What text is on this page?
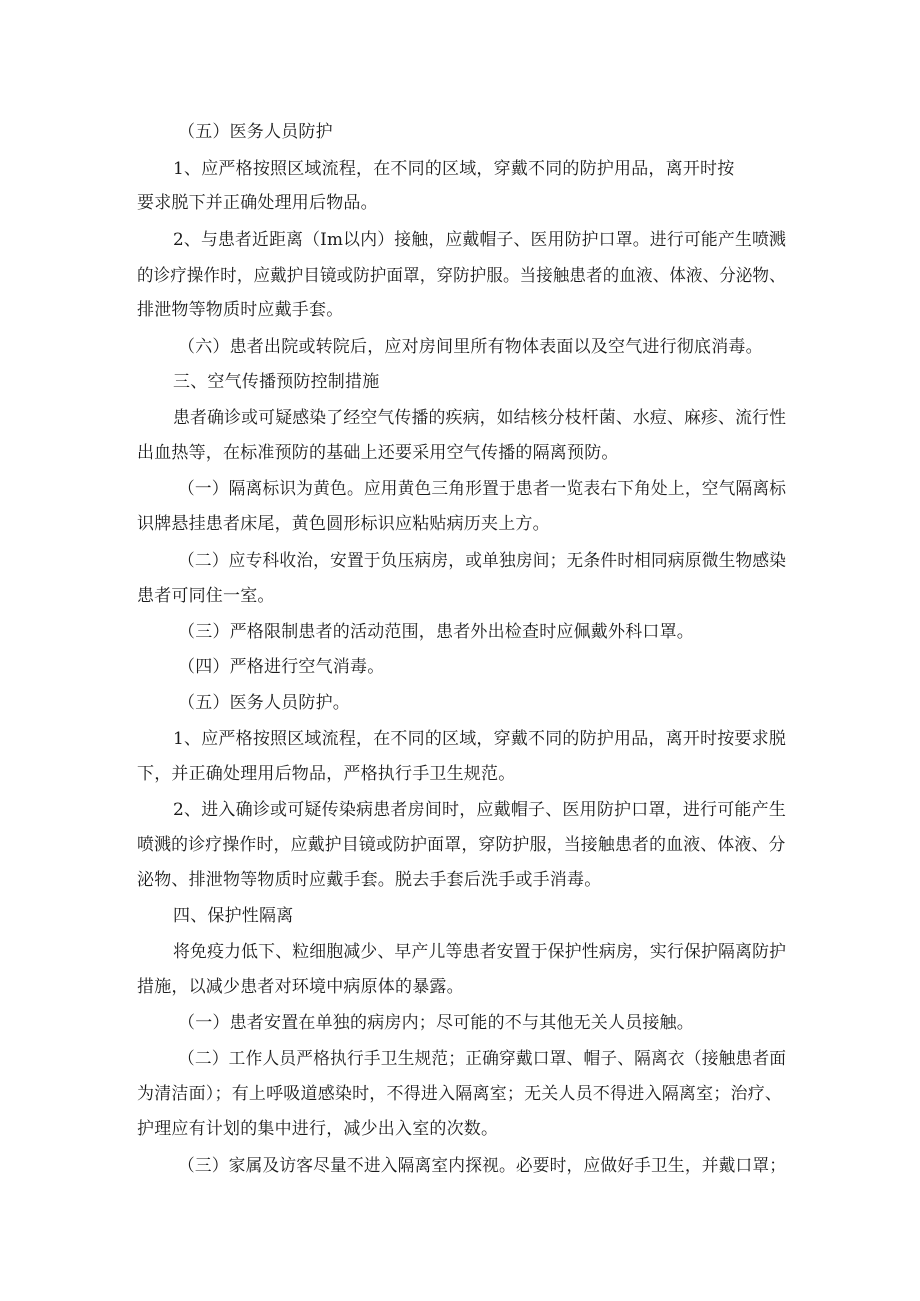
（五）医务人员防护
1、应严格按照区域流程，在不同的区域，穿戴不同的防护用品，离开时按
要求脱下并正确处理用后物品。
2、与患者近距离（Im以内）接触，应戴帽子、医用防护口罩。进行可能产生喷溅
的诊疗操作时，应戴护目镜或防护面罩，穿防护服。当接触患者的血液、体液、分泌物、
排泄物等物质时应戴手套。
（六）患者出院或转院后，应对房间里所有物体表面以及空气进行彻底消毒。
三、空气传播预防控制措施
患者确诊或可疑感染了经空气传播的疾病，如结核分枝杆菌、水痘、麻疹、流行性
出血热等，在标准预防的基础上还要采用空气传播的隔离预防。
（一）隔离标识为黄色。应用黄色三角形置于患者一览表右下角处上，空气隔离标
识牌悬挂患者床尾，黄色圆形标识应粘贴病历夹上方。
（二）应专科收治，安置于负压病房，或单独房间；无条件时相同病原微生物感染
患者可同住一室。
（三）严格限制患者的活动范围，患者外出检查时应佩戴外科口罩。
（四）严格进行空气消毒。
（五）医务人员防护。
1、应严格按照区域流程，在不同的区域，穿戴不同的防护用品，离开时按要求脱
下，并正确处理用后物品，严格执行手卫生规范。
2、进入确诊或可疑传染病患者房间时，应戴帽子、医用防护口罩，进行可能产生
喷溅的诊疗操作时，应戴护目镜或防护面罩，穿防护服，当接触患者的血液、体液、分
泌物、排泄物等物质时应戴手套。脱去手套后洗手或手消毒。
四、保护性隔离
将免疫力低下、粒细胞减少、早产儿等患者安置于保护性病房，实行保护隔离防护
措施，以减少患者对环境中病原体的暴露。
（一）患者安置在单独的病房内；尽可能的不与其他无关人员接触。
（二）工作人员严格执行手卫生规范；正确穿戴口罩、帽子、隔离衣（接触患者面
为清洁面）；有上呼吸道感染时，不得进入隔离室；无关人员不得进入隔离室；治疗、
护理应有计划的集中进行，减少出入室的次数。
（三）家属及访客尽量不进入隔离室内探视。必要时，应做好手卫生，并戴口罩；
